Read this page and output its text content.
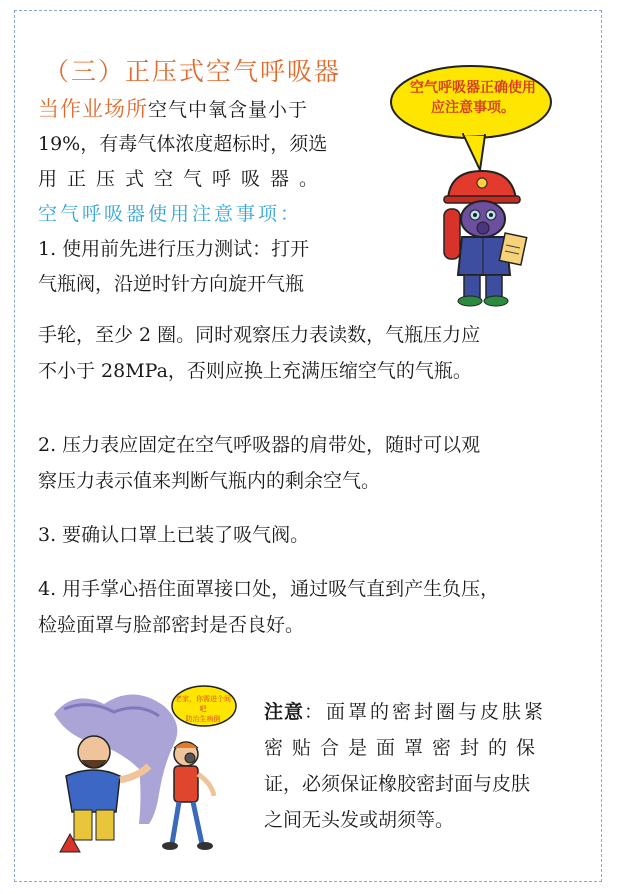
（三）正压式空气呼吸器
当作业场所空气中氧含量小于
19%，有毒气体浓度超标时，须选
用正压式空气呼吸器。
空气呼吸器使用注意事项：
1. 使用前先进行压力测试：打开
气瓶阀，沿逆时针方向旋开气瓶
手轮，至少 2 圈。同时观察压力表读数，气瓶压力应
不小于 28MPa，否则应换上充满压缩空气的气瓶。
2. 压力表应固定在空气呼吸器的肩带处，随时可以观
察压力表示值来判断气瓶内的剩余空气。
3. 要确认口罩上已装了吸气阀。
4. 用手掌心捂住面罩接口处，通过吸气直到产生负压，
检验面罩与脸部密封是否良好。
空气呼吸器正确使用
应注意事项。
老家，你需进个间吧
防治生病倒	注意：面罩的密封圈与皮肤紧
密贴合是面罩密封的保
证，必须保证橡胶密封面与皮肤
之间无头发或胡须等。
